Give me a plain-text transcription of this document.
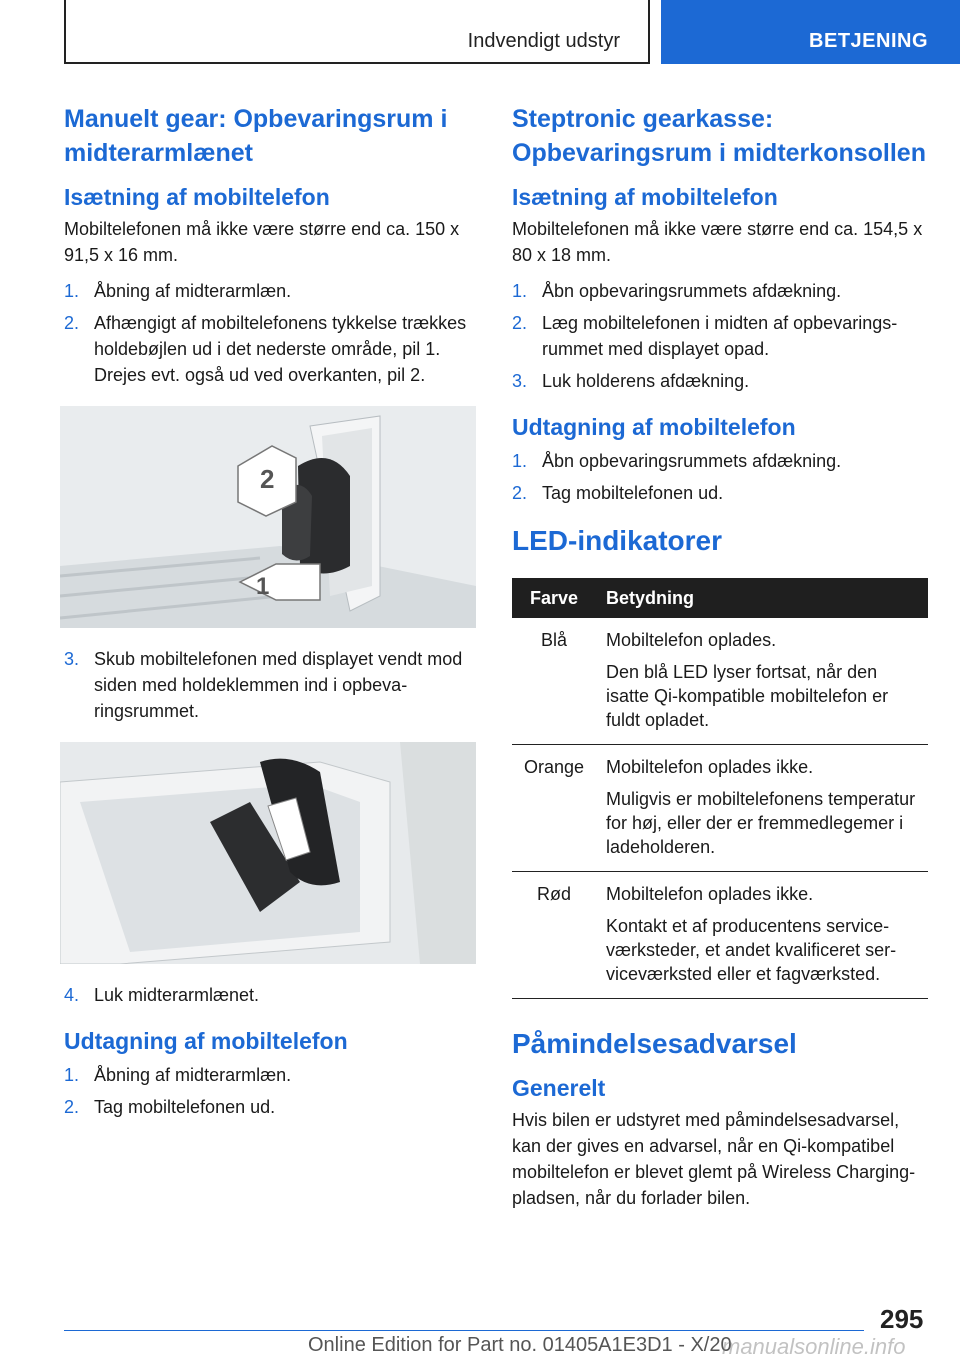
Indvendigt udstyr	BETJENING
Manuelt gear: Opbevaringsrum i midterarmlænet
Isætning af mobiltelefon

Mobiltelefonen må ikke være større end ca. 150 x 91,5 x 16 mm.

1. Åbning af midterarmlæn.
2. Afhængigt af mobiltelefonens tykkelse trækkes holdebøjlen ud i det nederste område, pil 1. Drejes evt. også ud ved overkanten, pil 2.
2
1
3. Skub mobiltelefonen med displayet vendt mod siden med holdeklemmen ind i opbevaringsrummet.
4. Luk midterarmlænet.
Udtagning af mobiltelefon
1. Åbning af midterarmlæn.
2. Tag mobiltelefonen ud.
Steptronic gearkasse: Opbevaringsrum i midterkonsollen
Isætning af mobiltelefon

Mobiltelefonen må ikke være større end ca. 154,5 x 80 x 18 mm.

1. Åbn opbevaringsrummets afdækning.
2. Læg mobiltelefonen i midten af opbevaringsrummet med displayet opad.
3. Luk holderens afdækning.
Udtagning af mobiltelefon
1. Åbn opbevaringsrummets afdækning.
2. Tag mobiltelefonen ud.
LED-indikatorer
Farve	Betydning
Blå	Mobiltelefon oplades.

Den blå LED lyser fortsat, når den isatte Qi-kompatible mobiltelefon er fuldt opladet.

Orange	Mobiltelefon oplades ikke.

Muligvis er mobiltelefonens temperatur for høj, eller der er fremmedlegemer i ladeholderen.

Rød	Mobiltelefon oplades ikke.

Kontakt et af producentens serviceværksteder, et andet kvalificeret serviceværksted eller et fagværksted.

Påmindelsesadvarsel
Generelt

Hvis bilen er udstyret med påmindelsesadvarsel, kan der gives en advarsel, når en Qi-kompatibel mobiltelefon er blevet glemt på Wireless Charging-pladsen, når du forlader bilen.

295
Online Edition for Part no. 01405A1E3D1 - X/20
manualsonline.info
